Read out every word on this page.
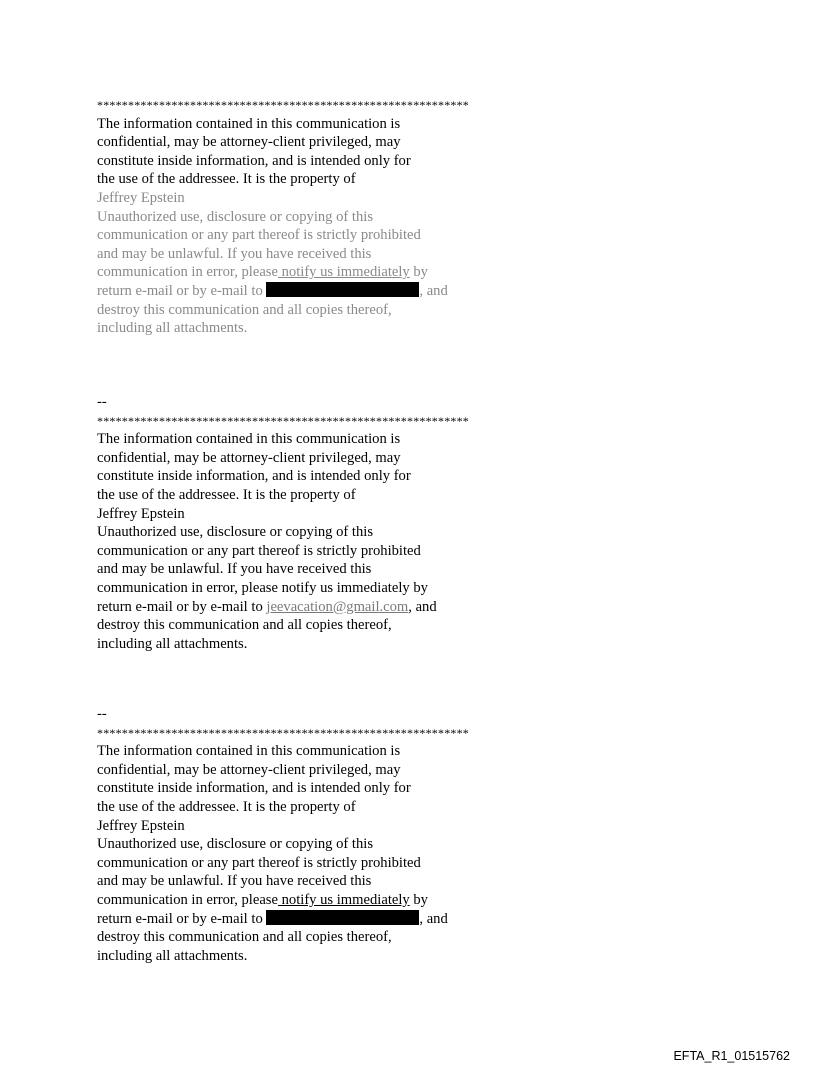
************************************************************
The information contained in this communication is
confidential, may be attorney-client privileged, may
constitute inside information, and is intended only for
the use of the addressee. It is the property of
Jeffrey Epstein
Unauthorized use, disclosure or copying of this
communication or any part thereof is strictly prohibited
and may be unlawful. If you have received this
communication in error, please notify us immediately by
return e-mail or by e-mail to	, and
destroy this communication and all copies thereof,
including all attachments.
--
************************************************************
The information contained in this communication is
confidential, may be attorney-client privileged, may
constitute inside information, and is intended only for
the use of the addressee. It is the property of
Jeffrey Epstein
Unauthorized use, disclosure or copying of this
communication or any part thereof is strictly prohibited
and may be unlawful. If you have received this
communication in error, please notify us immediately by
return e-mail or by e-mail to jeevacation@gmail.com, and
destroy this communication and all copies thereof,
including all attachments.
--
************************************************************
The information contained in this communication is
confidential, may be attorney-client privileged, may
constitute inside information, and is intended only for
the use of the addressee. It is the property of
Jeffrey Epstein
Unauthorized use, disclosure or copying of this
communication or any part thereof is strictly prohibited
and may be unlawful. If you have received this
communication in error, please notify us immediately by
return e-mail or by e-mail to	, and
destroy this communication and all copies thereof,
including all attachments.
EFTA_R1_01515762
